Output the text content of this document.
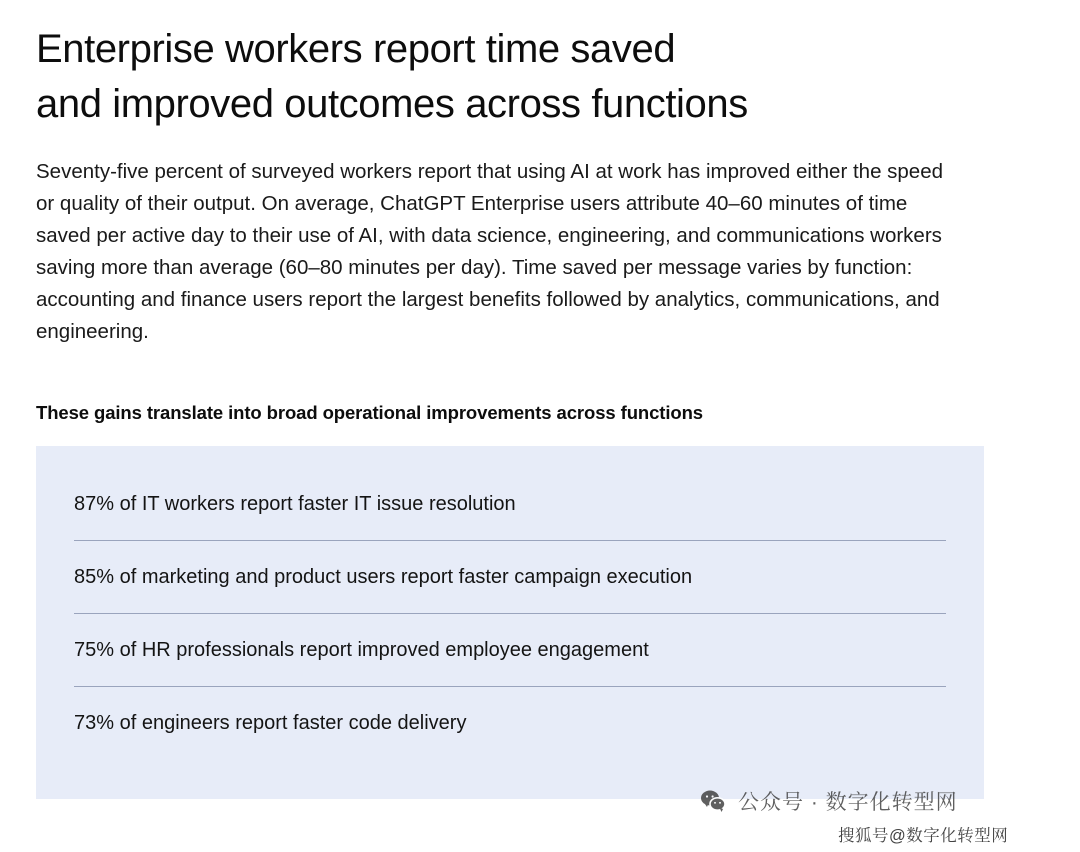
Enterprise workers report time saved
and improved outcomes across functions

Seventy-five percent of surveyed workers report that using AI at work has improved either the speed or quality of their output. On average, ChatGPT Enterprise users attribute 40–60 minutes of time saved per active day to their use of AI, with data science, engineering, and communications workers saving more than average (60–80 minutes per day). Time saved per message varies by function: accounting and finance users report the largest benefits followed by analytics, communications, and engineering.

These gains translate into broad operational improvements across functions
87% of IT workers report faster IT issue resolution
85% of marketing and product users report faster campaign execution
75% of HR professionals report improved employee engagement
73% of engineers report faster code delivery
公众号 · 数字化转型网
搜狐号@数字化转型网
